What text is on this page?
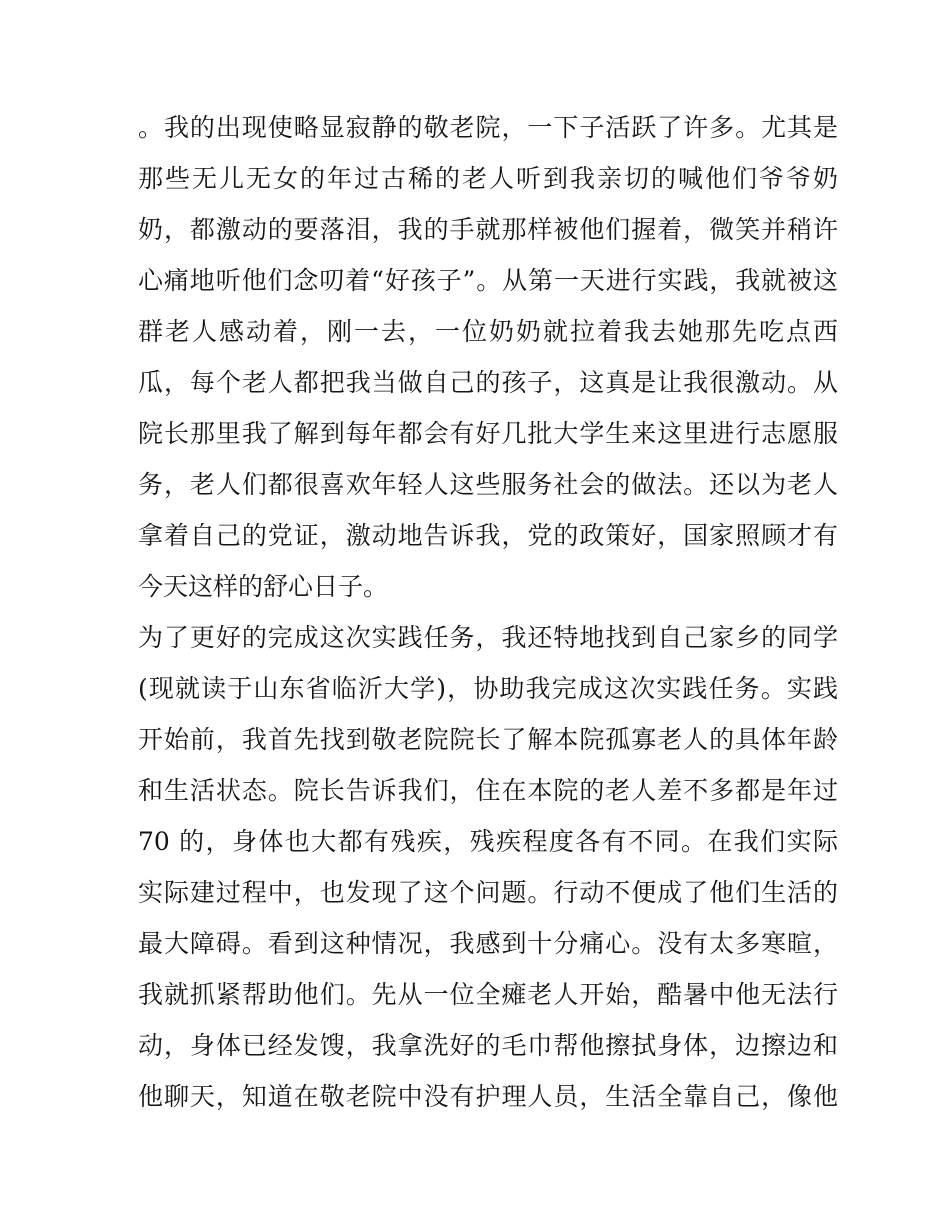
。我的出现使略显寂静的敬老院，一下子活跃了许多。尤其是
那些无儿无女的年过古稀的老人听到我亲切的喊他们爷爷奶
奶，都激动的要落泪，我的手就那样被他们握着，微笑并稍许
心痛地听他们念叨着“好孩子”。从第一天进行实践，我就被这
群老人感动着，刚一去，一位奶奶就拉着我去她那先吃点西
瓜，每个老人都把我当做自己的孩子，这真是让我很激动。从
院长那里我了解到每年都会有好几批大学生来这里进行志愿服
务，老人们都很喜欢年轻人这些服务社会的做法。还以为老人
拿着自己的党证，激动地告诉我，党的政策好，国家照顾才有
今天这样的舒心日子。
为了更好的完成这次实践任务，我还特地找到自己家乡的同学
(现就读于山东省临沂大学)，协助我完成这次实践任务。实践
开始前，我首先找到敬老院院长了解本院孤寡老人的具体年龄
和生活状态。院长告诉我们，住在本院的老人差不多都是年过
70 的，身体也大都有残疾，残疾程度各有不同。在我们实际
实际建过程中，也发现了这个问题。行动不便成了他们生活的
最大障碍。看到这种情况，我感到十分痛心。没有太多寒暄，
我就抓紧帮助他们。先从一位全瘫老人开始，酷暑中他无法行
动，身体已经发馊，我拿洗好的毛巾帮他擦拭身体，边擦边和
他聊天，知道在敬老院中没有护理人员，生活全靠自己，像他
